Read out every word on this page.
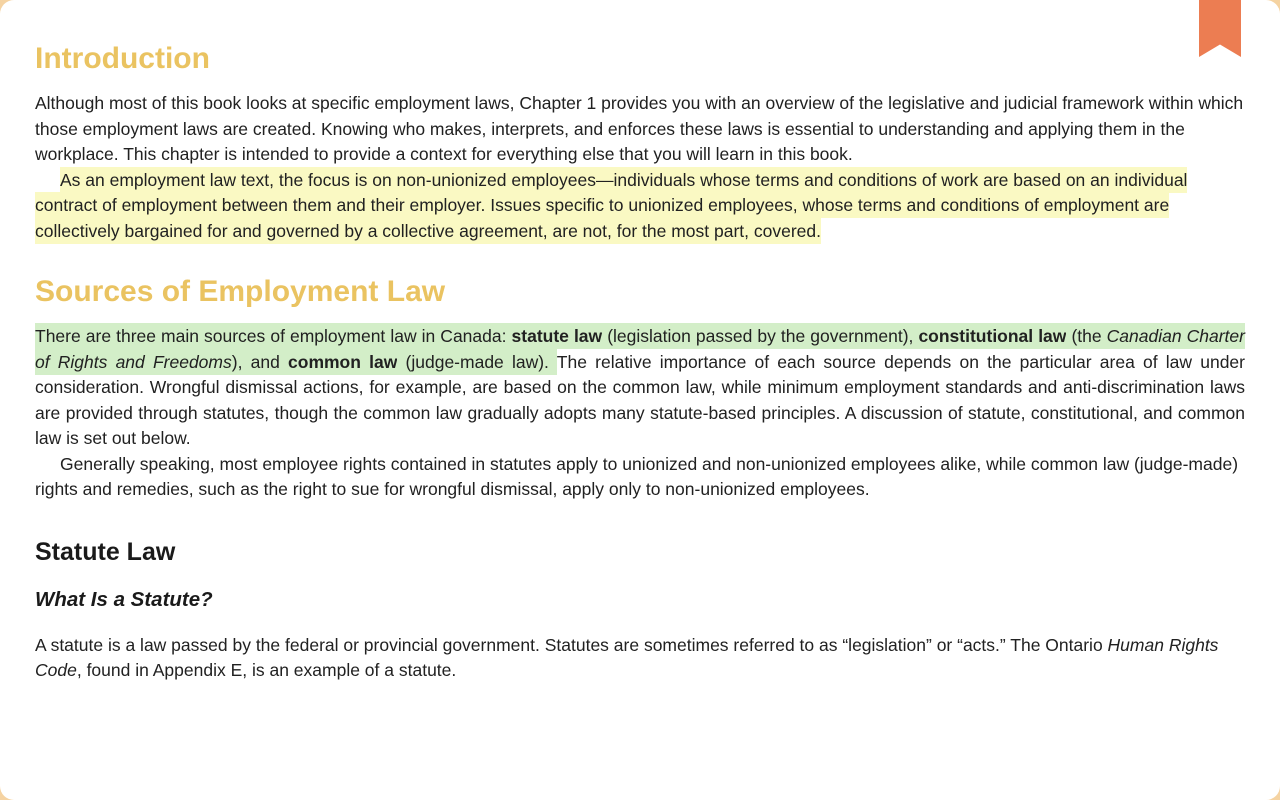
Introduction

Although most of this book looks at specific employment laws, Chapter 1 provides you with an overview of the legislative and judicial framework within which those employment laws are created. Knowing who makes, interprets, and enforces these laws is essential to understanding and applying them in the workplace. This chapter is intended to provide a context for everything else that you will learn in this book.

As an employment law text, the focus is on non-unionized employees—individuals whose terms and conditions of work are based on an individual contract of employment between them and their employer. Issues specific to unionized employees, whose terms and conditions of employment are collectively bargained for and governed by a collective agreement, are not, for the most part, covered.

Sources of Employment Law

There are three main sources of employment law in Canada: statute law (legislation passed by the government), constitutional law (the Canadian Charter of Rights and Freedoms), and common law (judge-made law). The relative importance of each source depends on the particular area of law under consideration. Wrongful dismissal actions, for example, are based on the common law, while minimum employment standards and anti-discrimination laws are provided through statutes, though the common law gradually adopts many statute-based principles. A discussion of statute, constitutional, and common law is set out below.

Generally speaking, most employee rights contained in statutes apply to unionized and non-unionized employees alike, while common law (judge-made) rights and remedies, such as the right to sue for wrongful dismissal, apply only to non-unionized employees.

Statute Law
What Is a Statute?

A statute is a law passed by the federal or provincial government. Statutes are sometimes referred to as “legislation” or “acts.” The Ontario Human Rights Code, found in Appendix E, is an example of a statute.
